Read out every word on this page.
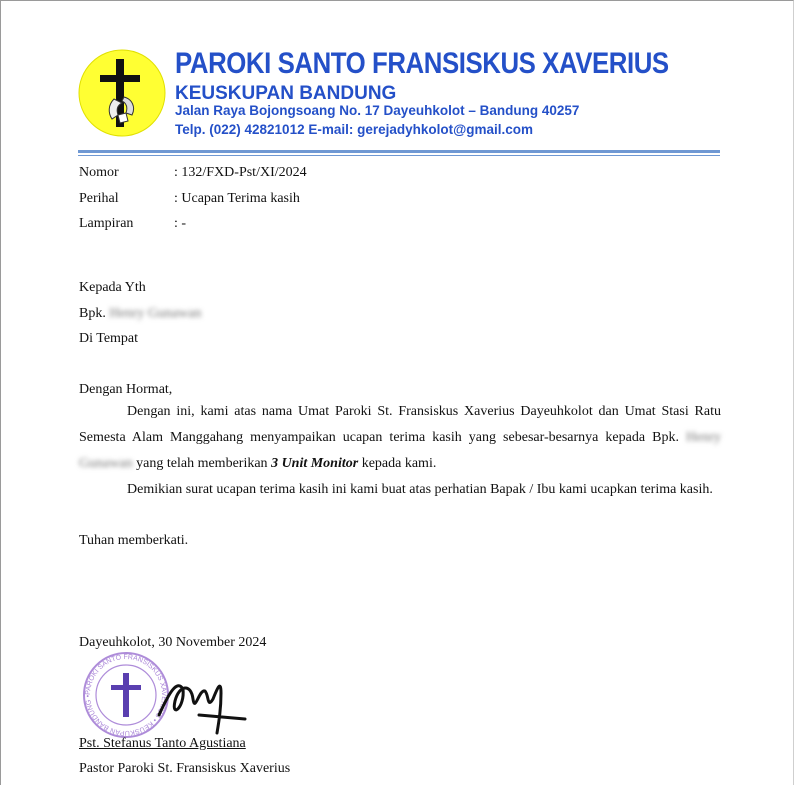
PAROKI SANTO FRANSISKUS XAVERIUS
KEUSKUPAN BANDUNG
Jalan Raya Bojongsoang No. 17 Dayeuhkolot – Bandung 40257
Telp. (022) 42821012 E-mail: gerejadyhkolot@gmail.com
Nomor	: 132/FXD-Pst/XI/2024
Perihal	: Ucapan Terima kasih
Lampiran	: -
Kepada Yth
Bpk. Henry Gunawan
Di Tempat
Dengan Hormat,
Dengan ini, kami atas nama Umat Paroki St. Fransiskus Xaverius Dayeuhkolot dan Umat Stasi Ratu Semesta Alam Manggahang menyampaikan ucapan terima kasih yang sebesar-besarnya kepada Bpk. Henry Gunawan yang telah memberikan 3 Unit Monitor kepada kami.
Demikian surat ucapan terima kasih ini kami buat atas perhatian Bapak / Ibu kami ucapkan terima kasih.
Tuhan memberkati.
Dayeuhkolot, 30 November 2024
PAROKI SANTO FRANSISKUS XAVERIUS • KEUSKUPAN BANDUNG •
Pst. Stefanus Tanto Agustiana
Pastor Paroki St. Fransiskus Xaverius
